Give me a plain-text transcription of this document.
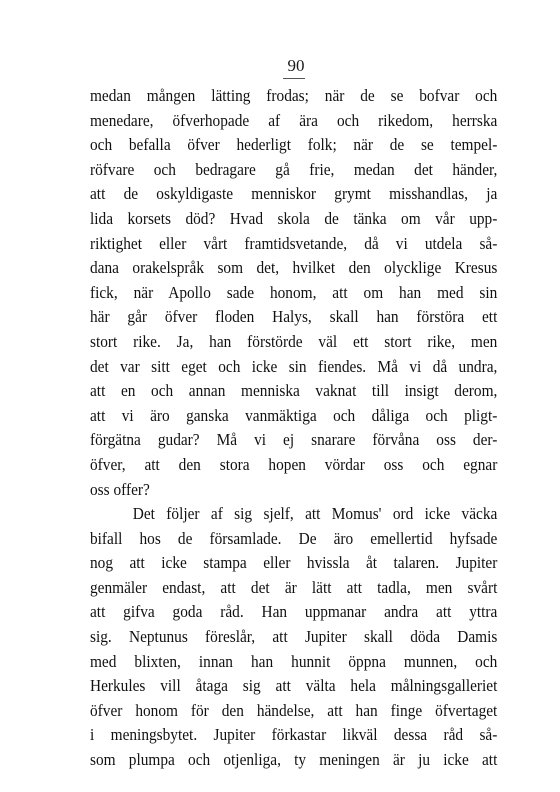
90
medan mången lätting frodas; när de se bofvar och
menedare, öfverhopade af ära och rikedom, herrska
och befalla öfver hederligt folk; när de se tempel-
röfvare och bedragare gå frie, medan det händer,
att de oskyldigaste menniskor grymt misshandlas, ja
lida korsets död? Hvad skola de tänka om vår upp-
riktighet eller vårt framtidsvetande, då vi utdela så-
dana orakelspråk som det, hvilket den olycklige Kresus
fick, när Apollo sade honom, att om han med sin
här går öfver floden Halys, skall han förstöra ett
stort rike. Ja, han förstörde väl ett stort rike, men
det var sitt eget och icke sin fiendes. Må vi då undra,
att en och annan menniska vaknat till insigt derom,
att vi äro ganska vanmäktiga och dåliga och pligt-
förgätna gudar? Må vi ej snarare förvåna oss der-
öfver, att den stora hopen vördar oss och egnar
oss offer?
Det följer af sig sjelf, att Momus' ord icke väcka
bifall hos de församlade. De äro emellertid hyfsade
nog att icke stampa eller hvissla åt talaren. Jupiter
genmäler endast, att det är lätt att tadla, men svårt
att gifva goda råd. Han uppmanar andra att yttra
sig. Neptunus föreslår, att Jupiter skall döda Damis
med blixten, innan han hunnit öppna munnen, och
Herkules vill åtaga sig att välta hela målningsgalleriet
öfver honom för den händelse, att han finge öfvertaget
i meningsbytet. Jupiter förkastar likväl dessa råd så-
som plumpa och otjenliga, ty meningen är ju icke att
